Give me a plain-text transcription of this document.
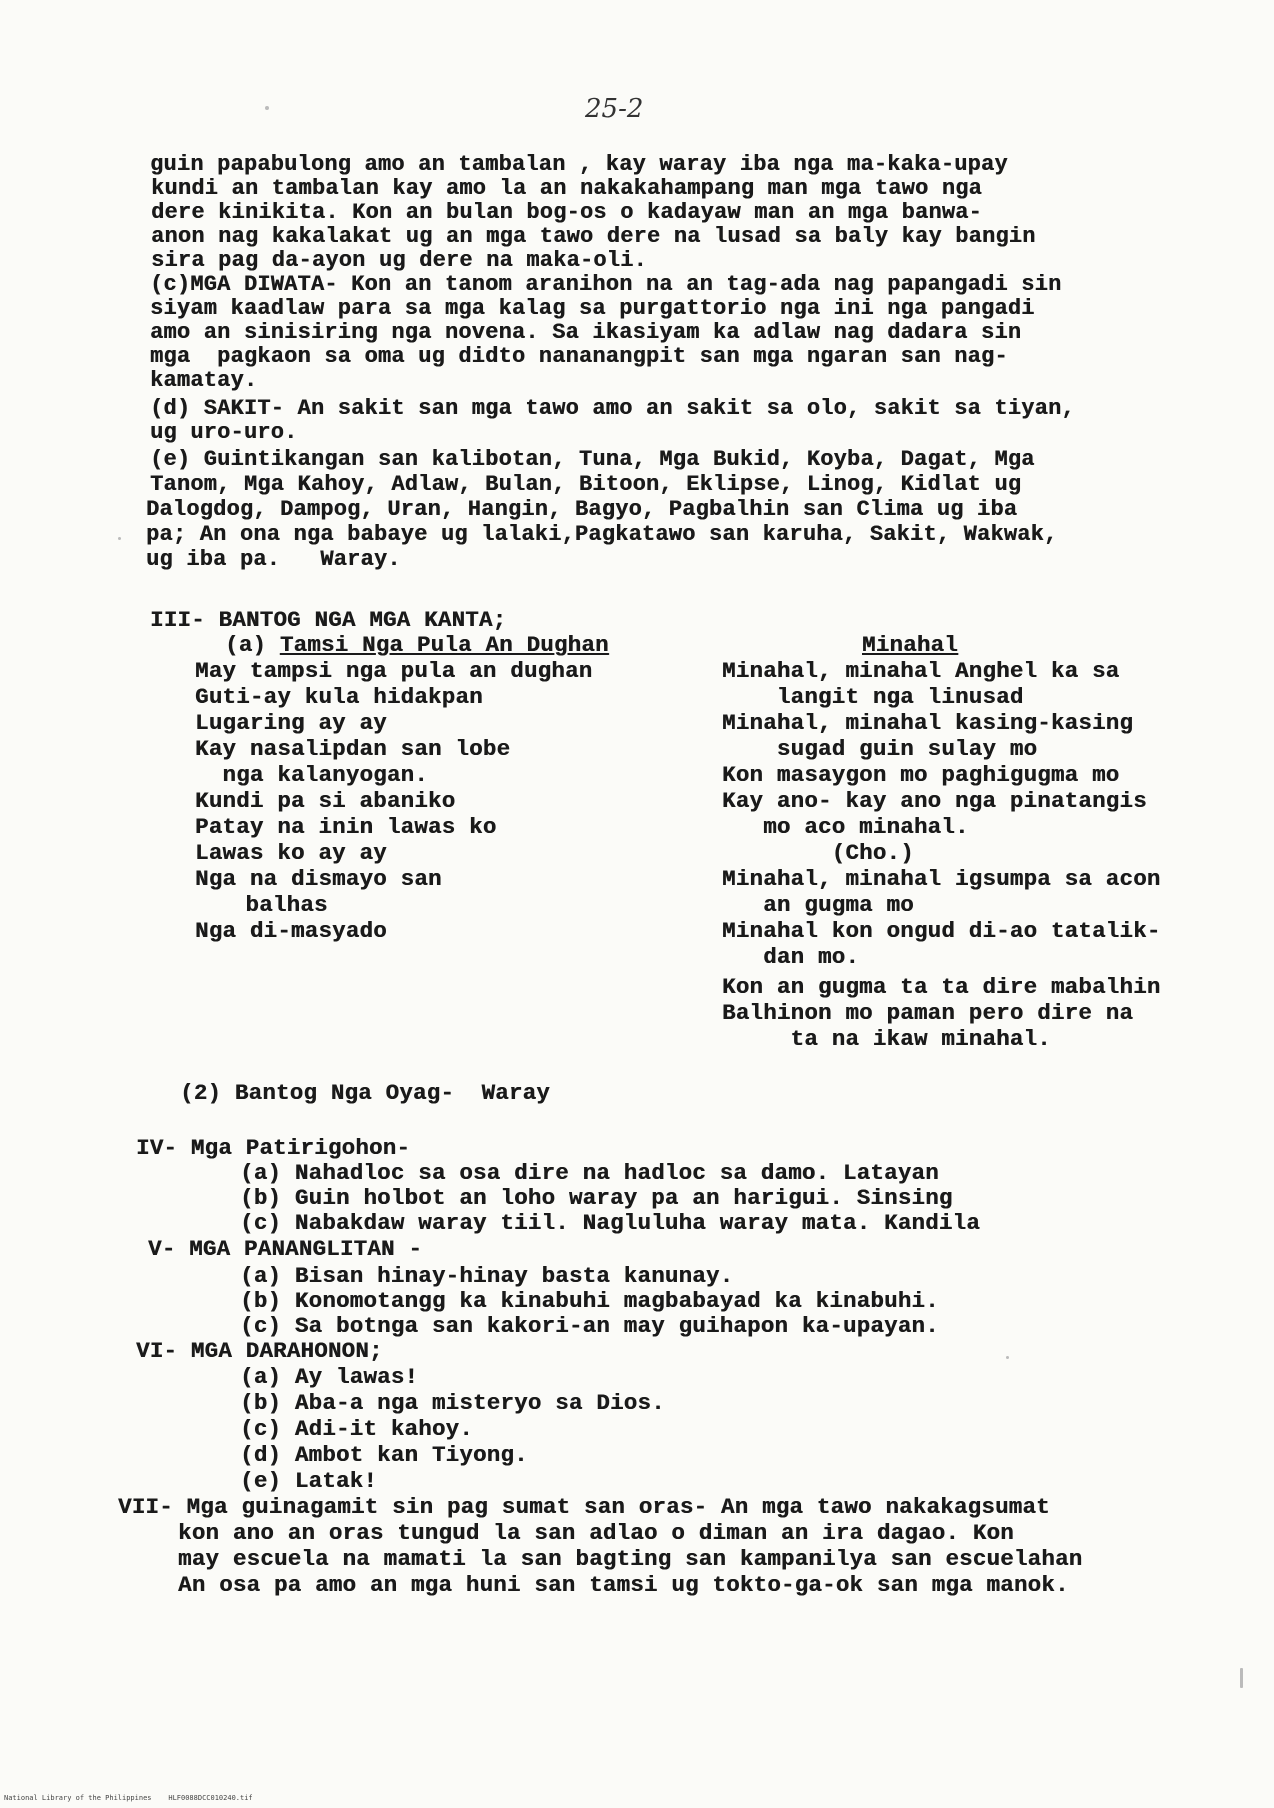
25-2
guin papabulong amo an tambalan , kay waray iba nga ma-kaka-upay
kundi an tambalan kay amo la an nakakahampang man mga tawo nga
dere kinikita. Kon an bulan bog-os o kadayaw man an mga banwa-
anon nag kakalakat ug an mga tawo dere na lusad sa baly kay bangin
sira pag da-ayon ug dere na maka-oli.
(c)MGA DIWATA- Kon an tanom aranihon na an tag-ada nag papangadi sin
siyam kaadlaw para sa mga kalag sa purgattorio nga ini nga pangadi
amo an sinisiring nga novena. Sa ikasiyam ka adlaw nag dadara sin
mga  pagkaon sa oma ug didto nananangpit san mga ngaran san nag-
kamatay.
(d) SAKIT- An sakit san mga tawo amo an sakit sa olo, sakit sa tiyan,
ug uro-uro.
(e) Guintikangan san kalibotan, Tuna, Mga Bukid, Koyba, Dagat, Mga
Tanom, Mga Kahoy, Adlaw, Bulan, Bitoon, Eklipse, Linog, Kidlat ug
Dalogdog, Dampog, Uran, Hangin, Bagyo, Pagbalhin san Clima ug iba
pa; An ona nga babaye ug lalaki,Pagkatawo san karuha, Sakit, Wakwak,
ug iba pa.   Waray.
III- BANTOG NGA MGA KANTA;
(a) Tamsi Nga Pula An Dughan
May tampsi nga pula an dughan
Guti-ay kula hidakpan
Lugaring ay ay
Kay nasalipdan san lobe
nga kalanyogan.
Kundi pa si abaniko
Patay na inin lawas ko
Lawas ko ay ay
Nga na dismayo san
balhas
Nga di-masyado
Minahal
Minahal, minahal Anghel ka sa
langit nga linusad
Minahal, minahal kasing-kasing
sugad guin sulay mo
Kon masaygon mo paghigugma mo
Kay ano- kay ano nga pinatangis
mo aco minahal.
(Cho.)
Minahal, minahal igsumpa sa acon
an gugma mo
Minahal kon ongud di-ao tatalik-
dan mo.
Kon an gugma ta ta dire mabalhin
Balhinon mo paman pero dire na
ta na ikaw minahal.
(2) Bantog Nga Oyag-  Waray
IV- Mga Patirigohon-
(a) Nahadloc sa osa dire na hadloc sa damo. Latayan
(b) Guin holbot an loho waray pa an harigui. Sinsing
(c) Nabakdaw waray tiil. Nagluluha waray mata. Kandila
V- MGA PANANGLITAN -
(a) Bisan hinay-hinay basta kanunay.
(b) Konomotangg ka kinabuhi magbabayad ka kinabuhi.
(c) Sa botnga san kakori-an may guihapon ka-upayan.
VI- MGA DARAHONON;
(a) Ay lawas!
(b) Aba-a nga misteryo sa Dios.
(c) Adi-it kahoy.
(d) Ambot kan Tiyong.
(e) Latak!
VII- Mga guinagamit sin pag sumat san oras- An mga tawo nakakagsumat
kon ano an oras tungud la san adlao o diman an ira dagao. Kon
may escuela na mamati la san bagting san kampanilya san escuelahan
An osa pa amo an mga huni san tamsi ug tokto-ga-ok san mga manok.
National Library of the Philippines    HLF0088DCC010240.tif
